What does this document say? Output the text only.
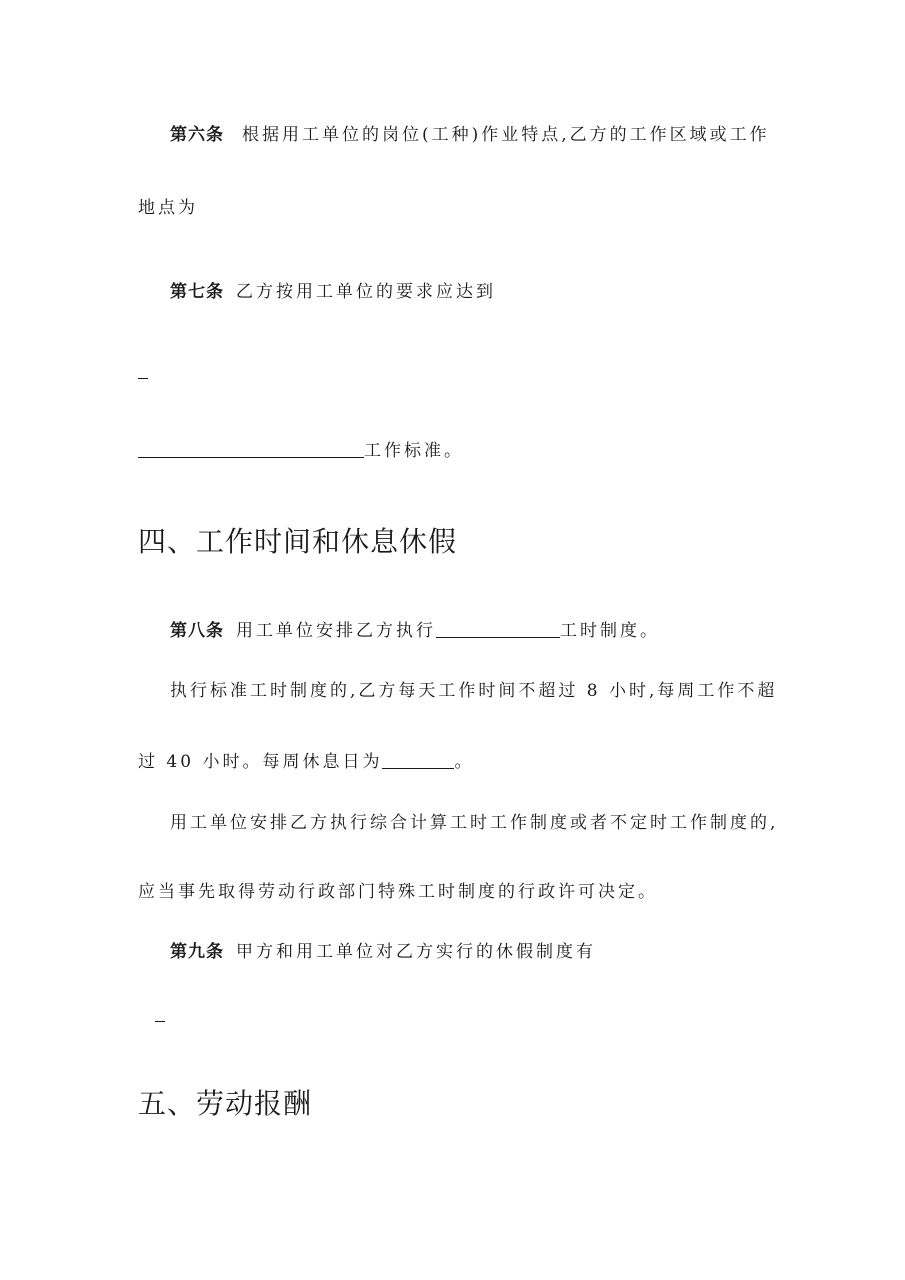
第六条 根据用工单位的岗位(工种)作业特点,乙方的工作区域或工作
地点为
第七条 乙方按用工单位的要求应达到
工作标准。
四、工作时间和休息休假
第八条 用工单位安排乙方执行	工时制度。
执行标准工时制度的,乙方每天工作时间不超过 8 小时,每周工作不超
过 40 小时。每周休息日为	。
用工单位安排乙方执行综合计算工时工作制度或者不定时工作制度的,
应当事先取得劳动行政部门特殊工时制度的行政许可决定。
第九条 甲方和用工单位对乙方实行的休假制度有
五、劳动报酬
